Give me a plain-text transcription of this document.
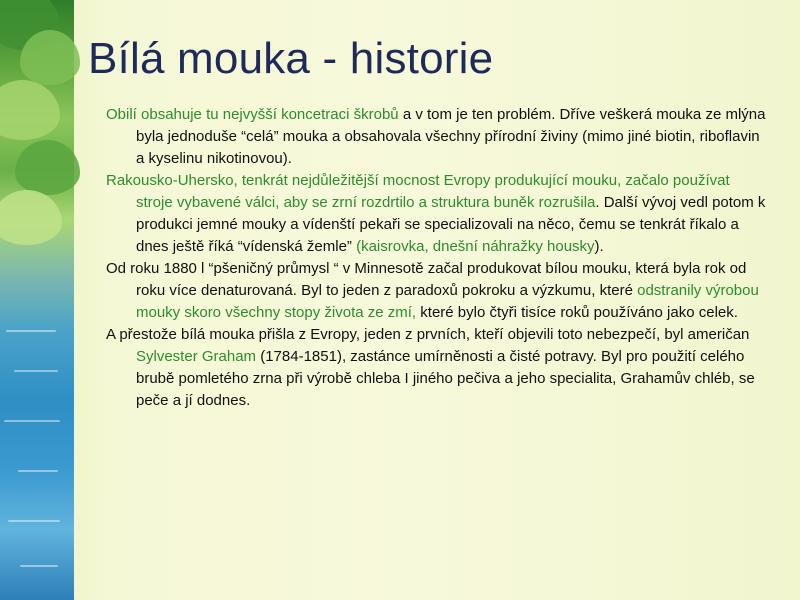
Bílá mouka - historie
Obilí obsahuje tu nejvyšší koncetraci škrobů a v tom je ten problém. Dříve veškerá mouka ze mlýna byla jednoduše “celá” mouka a obsahovala všechny přírodní živiny (mimo jiné biotin, riboflavin a kyselinu nikotinovou).
Rakousko-Uhersko, tenkrát nejdůležitější mocnost Evropy produkující mouku, začalo používat stroje vybavené válci, aby se zrní rozdrtilo a struktura buněk rozrušila. Další vývoj vedl potom k produkci jemné mouky a vídenští pekaři se specializovali na něco, čemu se tenkrát říkalo a dnes ještě říká “vídenská žemle” (kaisrovka, dnešní náhražky housky).
Od roku 1880 l “pšeničný průmysl “ v Minnesotě začal produkovat bílou mouku, která byla rok od roku více denaturovaná. Byl to jeden z paradoxů pokroku a výzkumu, které odstranily výrobou mouky skoro všechny stopy života ze zmí, které bylo čtyři tisíce roků používáno jako celek.
A přestože bílá mouka přišla z Evropy, jeden z prvních, kteří objevili toto nebezpečí, byl američan Sylvester Graham (1784-1851), zastánce umírněnosti a čisté potravy. Byl pro použití celého brubě pomletého zrna při výrobě chleba I jiného pečiva a jeho specialita, Grahamův chléb, se peče a jí dodnes.
